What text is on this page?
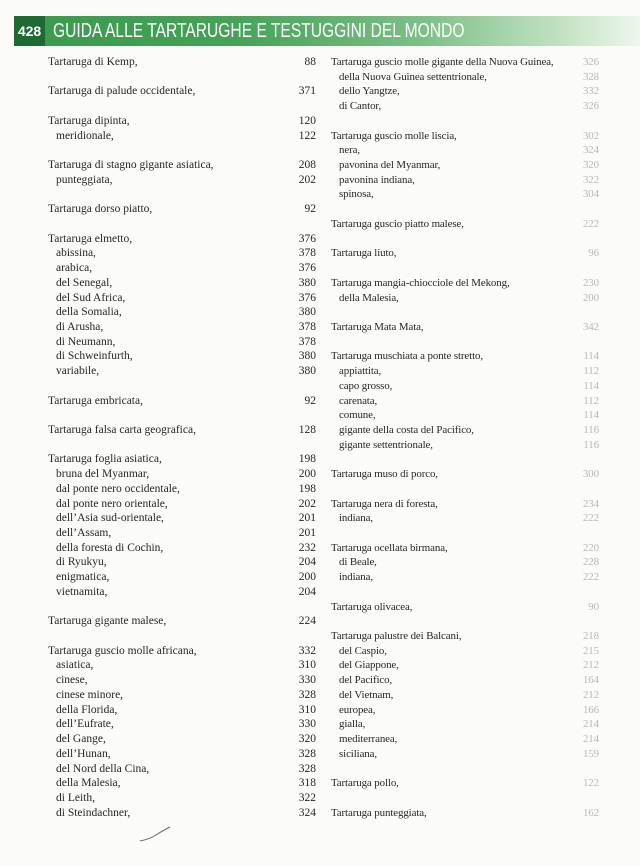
428 GUIDA ALLE TARTARUGHE E TESTUGGINI DEL MONDO
Tartaruga di Kemp,	88
Tartaruga di palude occidentale,	371
Tartaruga dipinta,	120
meridionale,	122
Tartaruga di stagno gigante asiatica,	208
punteggiata,	202
Tartaruga dorso piatto,	92
Tartaruga elmetto,	376
abissina,	378
arabica,	376
del Senegal,	380
del Sud Africa,	376
della Somalia,	380
di Arusha,	378
di Neumann,	378
di Schweinfurth,	380
variabile,	380
Tartaruga embricata,	92
Tartaruga falsa carta geografica,	128
Tartaruga foglia asiatica,	198
bruna del Myanmar,	200
dal ponte nero occidentale,	198
dal ponte nero orientale,	202
dell’Asia sud-orientale,	201
dell’Assam,	201
della foresta di Cochin,	232
di Ryukyu,	204
enigmatica,	200
vietnamita,	204
Tartaruga gigante malese,	224
Tartaruga guscio molle africana,	332
asiatica,	310
cinese,	330
cinese minore,	328
della Florida,	310
dell’Eufrate,	330
del Gange,	320
dell’Hunan,	328
del Nord della Cina,	328
della Malesia,	318
di Leith,	322
di Steindachner,	324
Tartaruga guscio molle gigante della Nuova Guinea,	326
della Nuova Guinea settentrionale,	328
dello Yangtze,	332
di Cantor,	326
Tartaruga guscio molle liscia,	302
nera,	324
pavonina del Myanmar,	320
pavonina indiana,	322
spinosa,	304
Tartaruga guscio piatto malese,	222
Tartaruga liuto,	96
Tartaruga mangia-chiocciole del Mekong,	230
della Malesia,	200
Tartaruga Mata Mata,	342
Tartaruga muschiata a ponte stretto,	114
appiattita,	112
capo grosso,	114
carenata,	112
comune,	114
gigante della costa del Pacifico,	116
gigante settentrionale,	116
Tartaruga muso di porco,	300
Tartaruga nera di foresta,	234
indiana,	222
Tartaruga ocellata birmana,	220
di Beale,	228
indiana,	222
Tartaruga olivacea,	90
Tartaruga palustre dei Balcani,	218
del Caspio,	215
del Giappone,	212
del Pacifico,	164
del Vietnam,	212
europea,	166
gialla,	214
mediterranea,	214
siciliana,	159
Tartaruga pollo,	122
Tartaruga punteggiata,	162
